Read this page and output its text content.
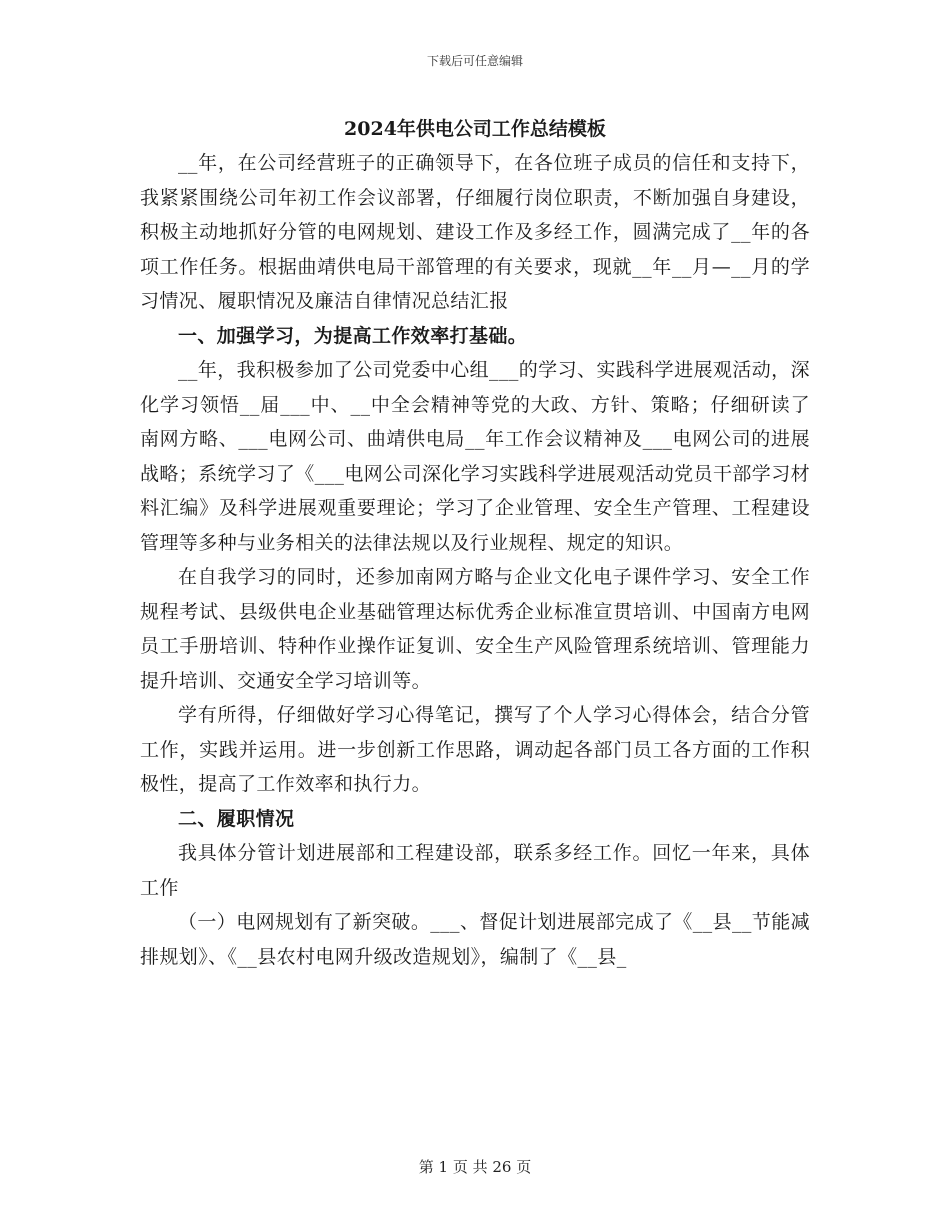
下载后可任意编辑
2024年供电公司工作总结模板

__年，在公司经营班子的正确领导下，在各位班子成员的信任和支持下，我紧紧围绕公司年初工作会议部署，仔细履行岗位职责，不断加强自身建设，积极主动地抓好分管的电网规划、建设工作及多经工作，圆满完成了__年的各项工作任务。根据曲靖供电局干部管理的有关要求，现就__年__月—__月的学习情况、履职情况及廉洁自律情况总结汇报

一、加强学习，为提高工作效率打基础。

__年，我积极参加了公司党委中心组___的学习、实践科学进展观活动，深化学习领悟__届___中、__中全会精神等党的大政、方针、策略；仔细研读了南网方略、___电网公司、曲靖供电局__年工作会议精神及___电网公司的进展战略；系统学习了《___电网公司深化学习实践科学进展观活动党员干部学习材料汇编》及科学进展观重要理论；学习了企业管理、安全生产管理、工程建设管理等多种与业务相关的法律法规以及行业规程、规定的知识。

在自我学习的同时，还参加南网方略与企业文化电子课件学习、安全工作规程考试、县级供电企业基础管理达标优秀企业标准宣贯培训、中国南方电网员工手册培训、特种作业操作证复训、安全生产风险管理系统培训、管理能力提升培训、交通安全学习培训等。

学有所得，仔细做好学习心得笔记，撰写了个人学习心得体会，结合分管工作，实践并运用。进一步创新工作思路，调动起各部门员工各方面的工作积极性，提高了工作效率和执行力。

二、履职情况

我具体分管计划进展部和工程建设部，联系多经工作。回忆一年来，具体工作

（一）电网规划有了新突破。___、督促计划进展部完成了《__县__节能减排规划》、《__县农村电网升级改造规划》，编制了《__县_

第 1 页 共 26 页
